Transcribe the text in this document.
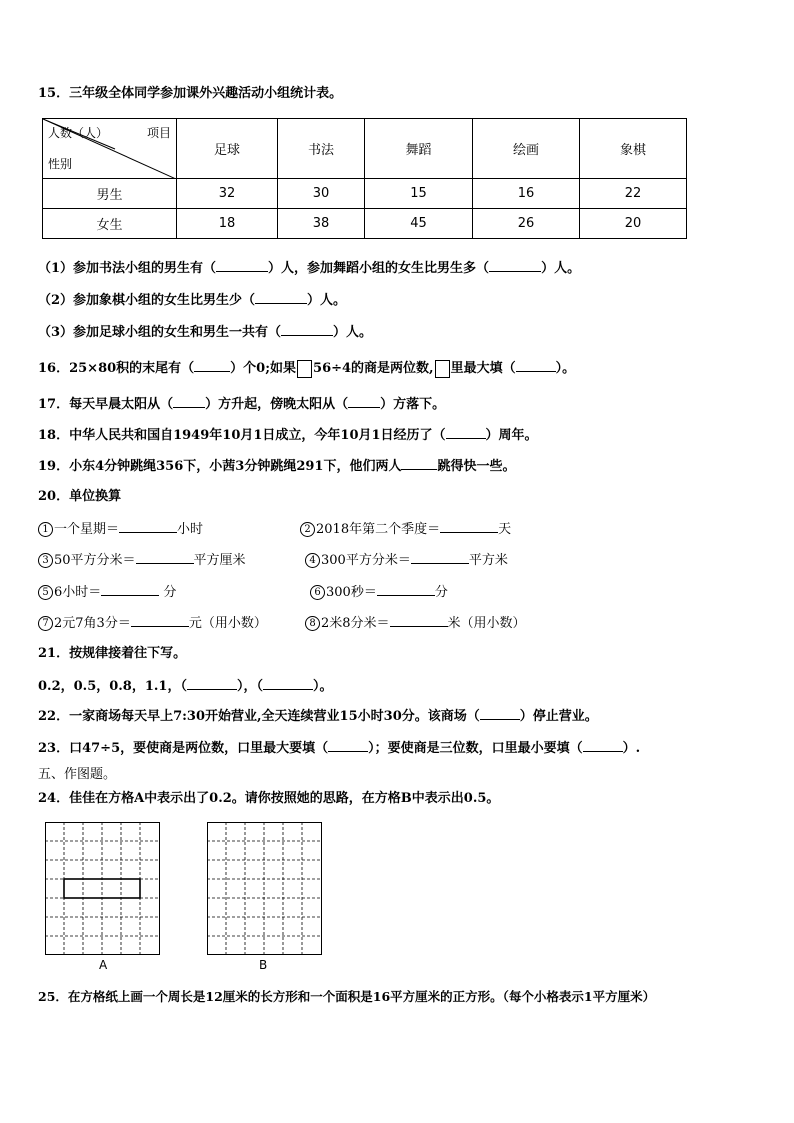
15．三年级全体同学参加课外兴趣活动小组统计表。
人数（人） 项目
性别	足球	书法	舞蹈	绘画	象棋
男生	32	30	15	16	22
女生	18	38	45	26	20
（1）参加书法小组的男生有（	）人，参加舞蹈小组的女生比男生多（	）人。
（2）参加象棋小组的女生比男生少（	）人。
（3）参加足球小组的女生和男生一共有（	）人。
16．25×80积的末尾有（	）个0;如果 56÷4的商是两位数, 里最大填（	）。
17．每天早晨太阳从（ ）方升起，傍晚太阳从（ ）方落下。
18．中华人民共和国自1949年10月1日成立，今年10月1日经历了（	）周年。
19．小东4分钟跳绳356下，小茜3分钟跳绳291下，他们两人	跳得快一些。
20．单位换算
1 一个星期＝	小时	2 2018年第二个季度＝	天
3 50平方分米＝	平方厘米	4 300平方分米＝	平方米
5 6小时＝	分	6 300秒＝	分
7 2元7角3分＝	元（用小数）	8 2米8分米＝	米（用小数）
21．按规律接着往下写。
0.2，0.5，0.8，1.1，（	），（	）。
22．一家商场每天早上7:30开始营业,全天连续营业15小时30分。该商场（	）停止营业。
23．口47÷5，要使商是两位数，口里最大要填（	）；要使商是三位数，口里最小要填（	）.
五、作图题。
24．佳佳在方格A中表示出了0.2。请你按照她的思路，在方格B中表示出0.5。
A	B
25．在方格纸上画一个周长是12厘米的长方形和一个面积是16平方厘米的正方形。（每个小格表示1平方厘米）
